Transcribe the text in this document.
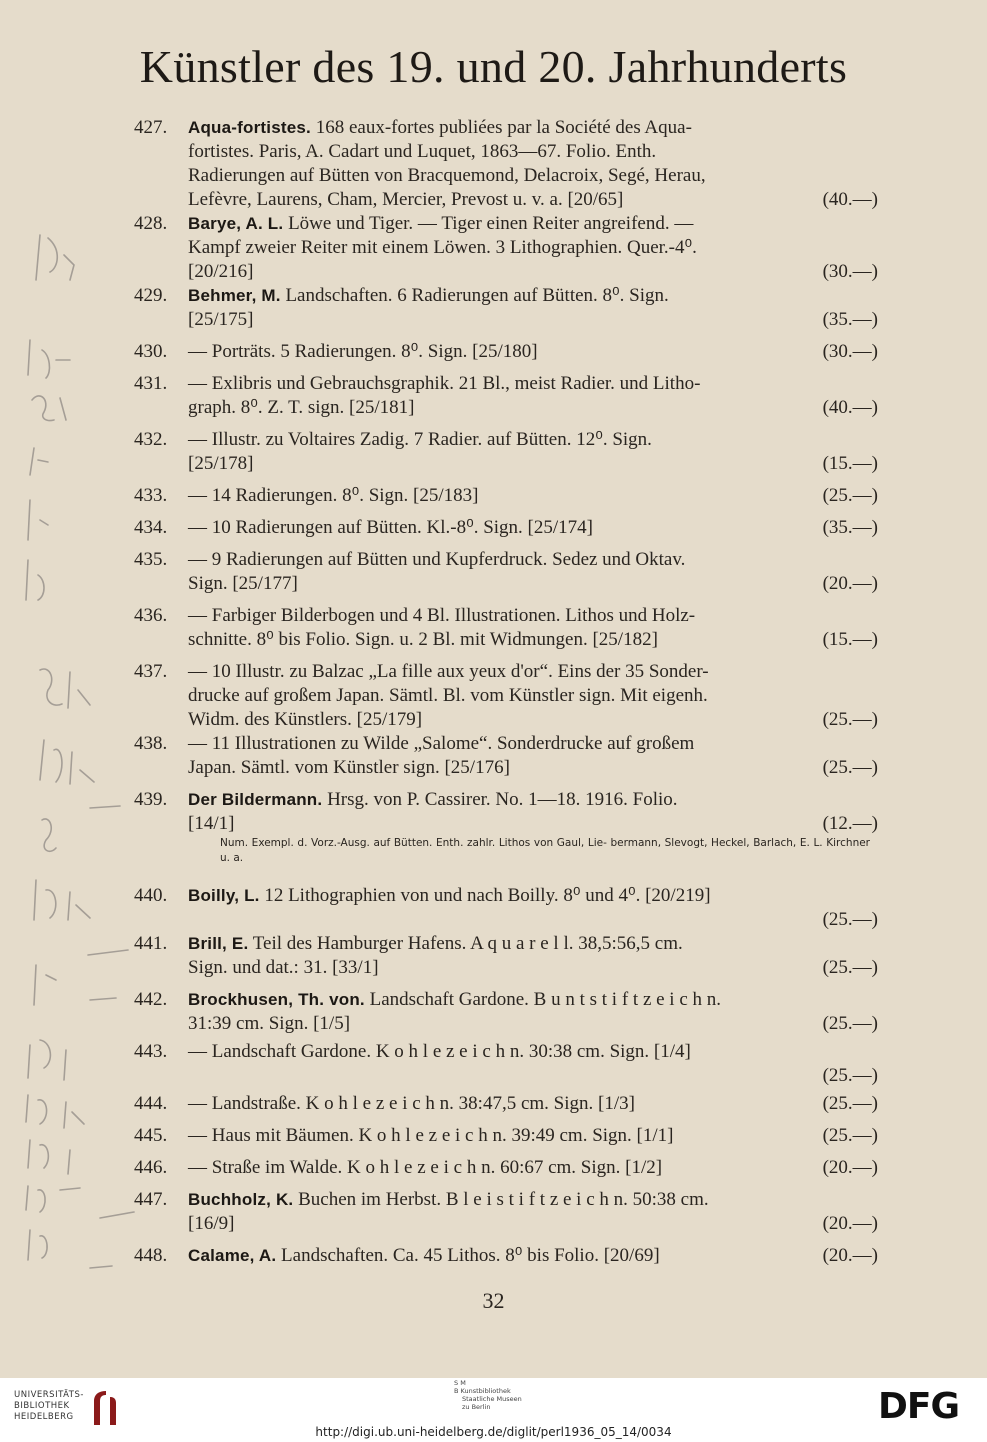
Künstler des 19. und 20. Jahrhunderts
427.	Aqua-fortistes. 168 eaux-fortes publiées par la Société des Aqua-
fortistes. Paris, A. Cadart und Luquet, 1863—67. Folio. Enth.
Radierungen auf Bütten von Bracquemond, Delacroix, Segé, Herau,
Lefèvre, Laurens, Cham, Mercier, Prevost u. v. a. [20/65]	(40.—)
428.	Barye, A. L. Löwe und Tiger. — Tiger einen Reiter angreifend. —
Kampf zweier Reiter mit einem Löwen. 3 Lithographien. Quer.-4⁰.
[20/216]	(30.—)
429.	Behmer, M. Landschaften. 6 Radierungen auf Bütten. 8⁰. Sign.
[25/175]	(35.—)
430.	— Porträts. 5 Radierungen. 8⁰. Sign. [25/180]	(30.—)
431.	— Exlibris und Gebrauchsgraphik. 21 Bl., meist Radier. und Litho-
graph. 8⁰. Z. T. sign. [25/181]	(40.—)
432.	— Illustr. zu Voltaires Zadig. 7 Radier. auf Bütten. 12⁰. Sign.
[25/178]	(15.—)
433.	— 14 Radierungen. 8⁰. Sign. [25/183]	(25.—)
434.	— 10 Radierungen auf Bütten. Kl.-8⁰. Sign. [25/174]	(35.—)
435.	— 9 Radierungen auf Bütten und Kupferdruck. Sedez und Oktav.
Sign. [25/177]	(20.—)
436.	— Farbiger Bilderbogen und 4 Bl. Illustrationen. Lithos und Holz-
schnitte. 8⁰ bis Folio. Sign. u. 2 Bl. mit Widmungen. [25/182]	(15.—)
437.	— 10 Illustr. zu Balzac „La fille aux yeux d'or“. Eins der 35 Sonder-
drucke auf großem Japan. Sämtl. Bl. vom Künstler sign. Mit eigenh.
Widm. des Künstlers. [25/179]	(25.—)
438.	— 11 Illustrationen zu Wilde „Salome“. Sonderdrucke auf großem
Japan. Sämtl. vom Künstler sign. [25/176]	(25.—)
439.	Der Bildermann. Hrsg. von P. Cassirer. No. 1—18. 1916. Folio.
[14/1]	(12.—)
Num. Exempl. d. Vorz.-Ausg. auf Bütten. Enth. zahlr. Lithos von Gaul, Lie- bermann, Slevogt, Heckel, Barlach, E. L. Kirchner u. a.
440.	Boilly, L. 12 Lithographien von und nach Boilly. 8⁰ und 4⁰. [20/219]
(25.—)
441.	Brill, E. Teil des Hamburger Hafens. A q u a r e l l. 38,5:56,5 cm.
Sign. und dat.: 31. [33/1]	(25.—)
442.	Brockhusen, Th. von. Landschaft Gardone. B u n t s t i f t z e i c h n.
31:39 cm. Sign. [1/5]	(25.—)
443.	— Landschaft Gardone. K o h l e z e i c h n. 30:38 cm. Sign. [1/4]
(25.—)
444.	— Landstraße. K o h l e z e i c h n. 38:47,5 cm. Sign. [1/3]	(25.—)
445.	— Haus mit Bäumen. K o h l e z e i c h n. 39:49 cm. Sign. [1/1]	(25.—)
446.	— Straße im Walde. K o h l e z e i c h n. 60:67 cm. Sign. [1/2]	(20.—)
447.	Buchholz, K. Buchen im Herbst. B l e i s t i f t z e i c h n. 50:38 cm.
[16/9]	(20.—)
448.	Calame, A. Landschaften. Ca. 45 Lithos. 8⁰ bis Folio. [20/69]	(20.—)
32
UNIVERSITÄTS-
BIBLIOTHEK
HEIDELBERG
S M
B Kunstbibliothek
Staatliche Museen
zu Berlin	DFG
http://digi.ub.uni-heidelberg.de/diglit/perl1936_05_14/0034
